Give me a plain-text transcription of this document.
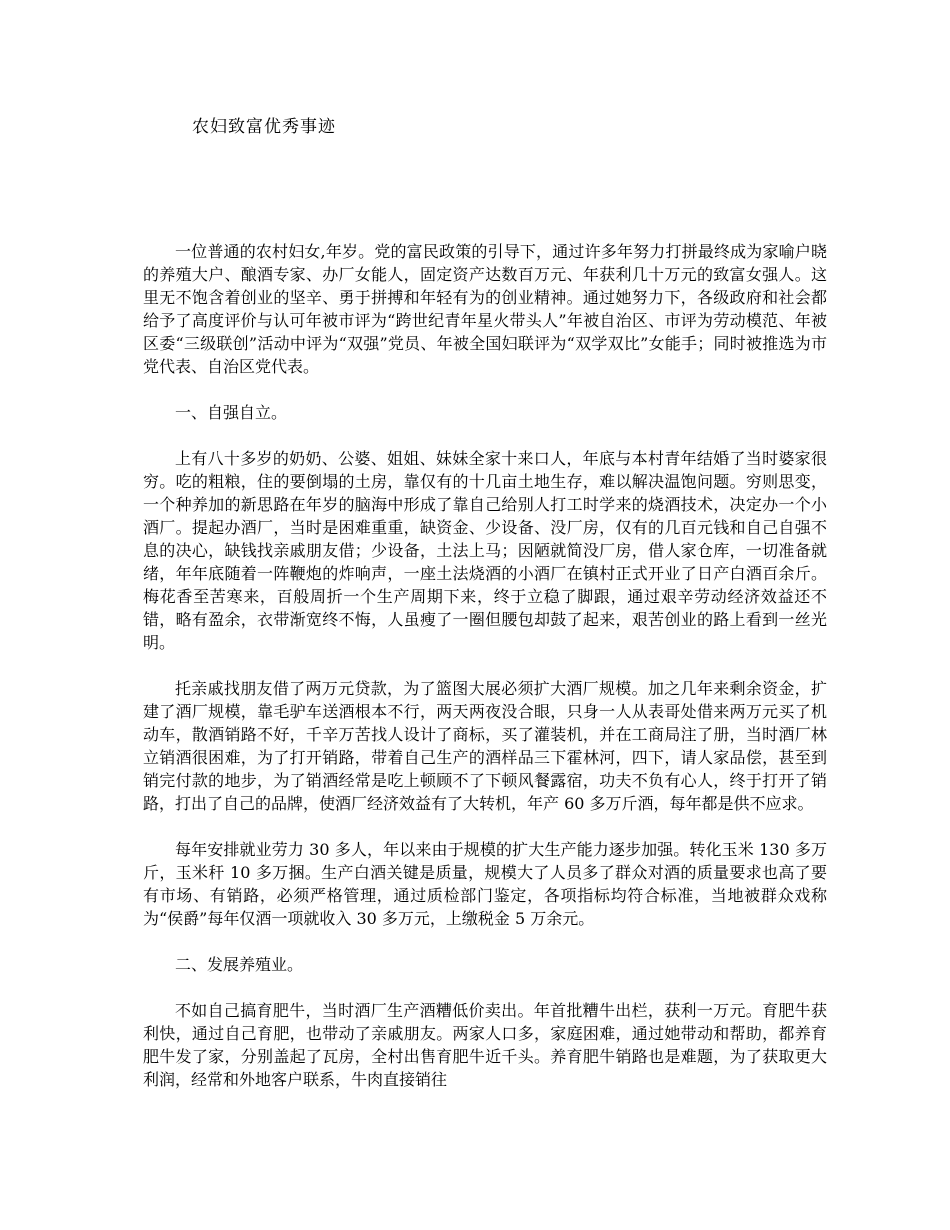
农妇致富优秀事迹

一位普通的农村妇女,年岁。党的富民政策的引导下，通过许多年努力打拼最终成为家喻户晓的养殖大户、酿酒专家、办厂女能人，固定资产达数百万元、年获利几十万元的致富女强人。这里无不饱含着创业的坚辛、勇于拼搏和年轻有为的创业精神。通过她努力下，各级政府和社会都给予了高度评价与认可年被市评为“跨世纪青年星火带头人”年被自治区、市评为劳动模范、年被区委“三级联创”活动中评为“双强”党员、年被全国妇联评为“双学双比”女能手；同时被推选为市党代表、自治区党代表。

一、自强自立。

上有八十多岁的奶奶、公婆、姐姐、妹妹全家十来口人，年底与本村青年结婚了当时婆家很穷。吃的粗粮，住的要倒塌的土房，靠仅有的十几亩土地生存，难以解决温饱问题。穷则思变，一个种养加的新思路在年岁的脑海中形成了靠自己给别人打工时学来的烧酒技术，决定办一个小酒厂。提起办酒厂，当时是困难重重，缺资金、少设备、没厂房，仅有的几百元钱和自己自强不息的决心，缺钱找亲戚朋友借；少设备，土法上马；因陋就简没厂房，借人家仓库，一切准备就绪，年年底随着一阵鞭炮的炸响声，一座土法烧酒的小酒厂在镇村正式开业了日产白酒百余斤。梅花香至苦寒来，百般周折一个生产周期下来，终于立稳了脚跟，通过艰辛劳动经济效益还不错，略有盈余，衣带渐宽终不悔，人虽瘦了一圈但腰包却鼓了起来，艰苦创业的路上看到一丝光明。

托亲戚找朋友借了两万元贷款，为了篮图大展必须扩大酒厂规模。加之几年来剩余资金，扩建了酒厂规模，靠毛驴车送酒根本不行，两天两夜没合眼，只身一人从表哥处借来两万元买了机动车，散酒销路不好，千辛万苦找人设计了商标，买了灌装机，并在工商局注了册，当时酒厂林立销酒很困难，为了打开销路，带着自己生产的酒样品三下霍林河，四下，请人家品偿，甚至到销完付款的地步，为了销酒经常是吃上顿顾不了下顿风餐露宿，功夫不负有心人，终于打开了销路，打出了自己的品牌，使酒厂经济效益有了大转机，年产 60 多万斤酒，每年都是供不应求。

每年安排就业劳力 30 多人，年以来由于规模的扩大生产能力逐步加强。转化玉米 130 多万斤，玉米秆 10 多万捆。生产白酒关键是质量，规模大了人员多了群众对酒的质量要求也高了要有市场、有销路，必须严格管理，通过质检部门鉴定，各项指标均符合标准，当地被群众戏称为“侯爵”每年仅酒一项就收入 30 多万元，上缴税金 5 万余元。

二、发展养殖业。

不如自己搞育肥牛，当时酒厂生产酒糟低价卖出。年首批糟牛出栏，获利一万元。育肥牛获利快，通过自己育肥，也带动了亲戚朋友。两家人口多，家庭困难，通过她带动和帮助，都养育肥牛发了家，分别盖起了瓦房，全村出售育肥牛近千头。养育肥牛销路也是难题，为了获取更大利润，经常和外地客户联系，牛肉直接销往
